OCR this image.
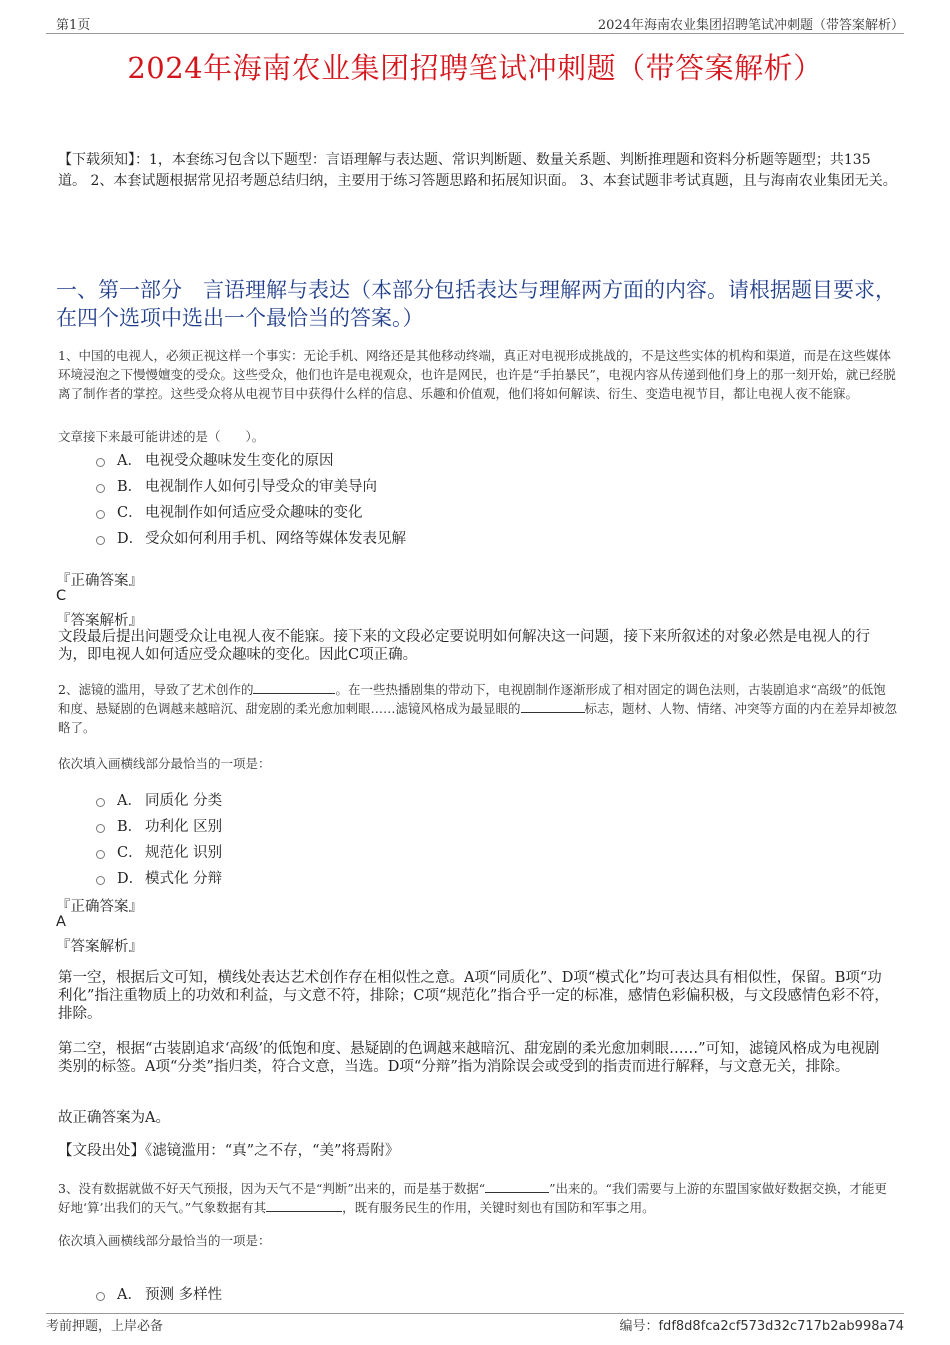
第1页	2024年海南农业集团招聘笔试冲刺题（带答案解析）
2024年海南农业集团招聘笔试冲刺题（带答案解析）
【下载须知】：1，本套练习包含以下题型：言语理解与表达题、常识判断题、数量关系题、判断推理题和资料分析题等题型；共135道。 2、本套试题根据常见招考题总结归纳，主要用于练习答题思路和拓展知识面。 3、本套试题非考试真题，且与海南农业集团无关。
一、第一部分　言语理解与表达（本部分包括表达与理解两方面的内容。请根据题目要求，在四个选项中选出一个最恰当的答案。）
1、中国的电视人，必须正视这样一个事实：无论手机、网络还是其他移动终端，真正对电视形成挑战的，不是这些实体的机构和渠道，而是在这些媒体环境浸泡之下慢慢嬗变的受众。这些受众，他们也许是电视观众，也许是网民，也许是“手拍暴民”，电视内容从传递到他们身上的那一刻开始，就已经脱离了制作者的掌控。这些受众将从电视节目中获得什么样的信息、乐趣和价值观，他们将如何解读、衍生、变造电视节目，都让电视人夜不能寐。
文章接下来最可能讲述的是（　　）。
A． 电视受众趣味发生变化的原因
B． 电视制作人如何引导受众的审美导向
C． 电视制作如何适应受众趣味的变化
D． 受众如何利用手机、网络等媒体发表见解
『正确答案』
C
『答案解析』
文段最后提出问题受众让电视人夜不能寐。接下来的文段必定要说明如何解决这一问题，接下来所叙述的对象必然是电视人的行为，即电视人如何适应受众趣味的变化。因此C项正确。
2、滤镜的滥用，导致了艺术创作的	。在一些热播剧集的带动下，电视剧制作逐渐形成了相对固定的调色法则，古装剧追求“高级”的低饱和度、悬疑剧的色调越来越暗沉、甜宠剧的柔光愈加刺眼……滤镜风格成为最显眼的	标志，题材、人物、情绪、冲突等方面的内在差异却被忽略了。
依次填入画横线部分最恰当的一项是：
A． 同质化 分类
B． 功利化 区别
C． 规范化 识别
D． 模式化 分辩
『正确答案』
A
『答案解析』
第一空，根据后文可知，横线处表达艺术创作存在相似性之意。A项“同质化”、D项“模式化”均可表达具有相似性，保留。B项“功利化”指注重物质上的功效和利益，与文意不符，排除；C项“规范化”指合乎一定的标准，感情色彩偏积极，与文段感情色彩不符，排除。
第二空，根据“古装剧追求‘高级’的低饱和度、悬疑剧的色调越来越暗沉、甜宠剧的柔光愈加刺眼……”可知，滤镜风格成为电视剧类别的标签。A项“分类”指归类，符合文意，当选。D项“分辩”指为消除误会或受到的指责而进行解释，与文意无关，排除。
故正确答案为A。
【文段出处】《滤镜滥用：“真”之不存，“美”将焉附》
3、没有数据就做不好天气预报，因为天气不是“判断”出来的，而是基于数据“	”出来的。“我们需要与上游的东盟国家做好数据交换，才能更好地‘算’出我们的天气。”气象数据有其	，既有服务民生的作用，关键时刻也有国防和军事之用。
依次填入画横线部分最恰当的一项是：
A． 预测 多样性
考前押题，上岸必备	编号：fdf8d8fca2cf573d32c717b2ab998a74
